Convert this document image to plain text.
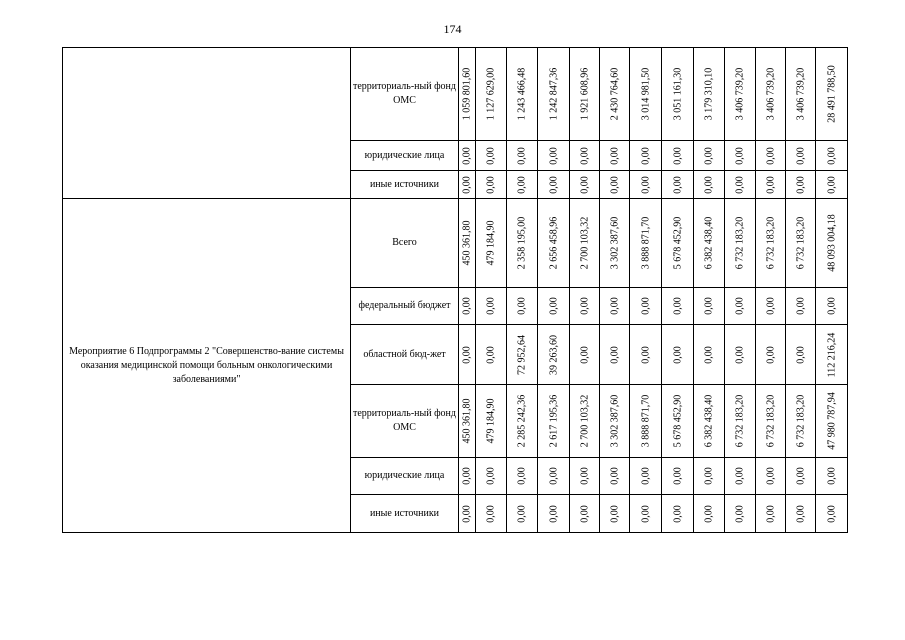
174
	территориаль-ный фонд ОМС	1 059 801,60	1 127 629,00	1 243 466,48	1 242 847,36	1 921 608,96	2 430 764,60	3 014 981,50	3 051 161,30	3 179 310,10	3 406 739,20	3 406 739,20	3 406 739,20	28 491 788,50

	юридические лица	0,00	0,00	0,00	0,00	0,00	0,00	0,00	0,00	0,00	0,00	0,00	0,00	0,00

	иные источники	0,00	0,00	0,00	0,00	0,00	0,00	0,00	0,00	0,00	0,00	0,00	0,00	0,00

Мероприятие 6 Подпрограммы 2 "Совершенство-вание системы оказания медицинской помощи больным онкологическими заболеваниями"	Всего	450 361,80	479 184,90	2 358 195,00	2 656 458,96	2 700 103,32	3 302 387,60	3 888 871,70	5 678 452,90	6 382 438,40	6 732 183,20	6 732 183,20	6 732 183,20	48 093 004,18

	федеральный бюджет	0,00	0,00	0,00	0,00	0,00	0,00	0,00	0,00	0,00	0,00	0,00	0,00	0,00

	областной бюд-жет	0,00	0,00	72 952,64	39 263,60	0,00	0,00	0,00	0,00	0,00	0,00	0,00	0,00	112 216,24

	территориаль-ный фонд ОМС	450 361,80	479 184,90	2 285 242,36	2 617 195,36	2 700 103,32	3 302 387,60	3 888 871,70	5 678 452,90	6 382 438,40	6 732 183,20	6 732 183,20	6 732 183,20	47 980 787,94

	юридические лица	0,00	0,00	0,00	0,00	0,00	0,00	0,00	0,00	0,00	0,00	0,00	0,00	0,00

	иные источники	0,00	0,00	0,00	0,00	0,00	0,00	0,00	0,00	0,00	0,00	0,00	0,00	0,00
